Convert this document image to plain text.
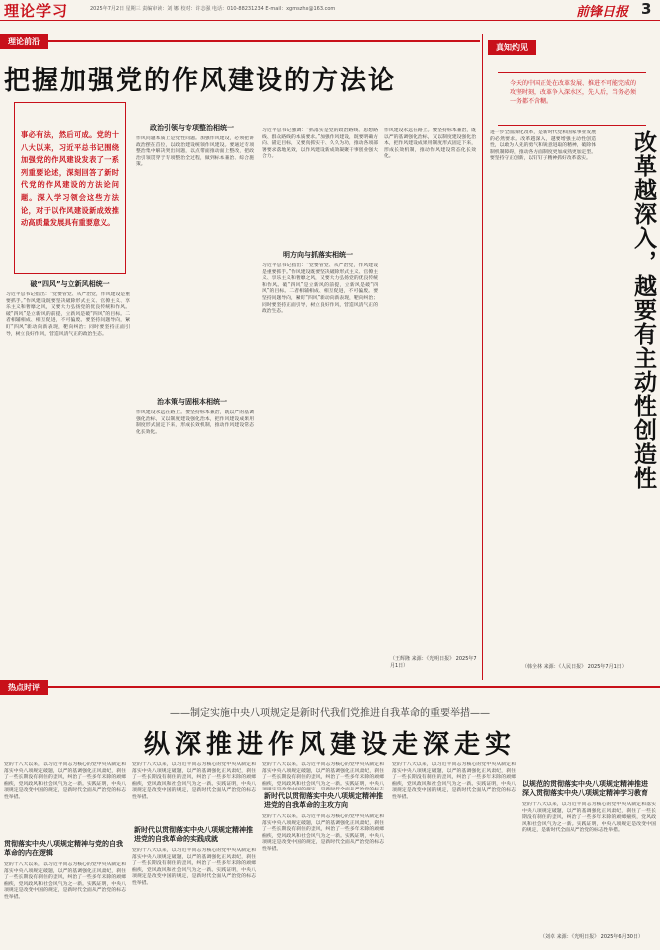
理论学习	2025年7月2日 星期三 责编审读：刘 娜 校对：许志强 电话：010-88231234 E-mail：xgmszhx@163.com	前锋日报 3
理论前沿
把握加强党的作风建设的方法论
事必有法，然后可成。党的十八大以来，习近平总书记围绕加强党的作风建设发表了一系列重要论述，深刻回答了新时代党的作风建设的方法论问题。深入学习领会这些方法论，对于以作风建设新成效推动高质量发展具有重要意义。
破“四风”与立新风相统一
习近平总书记指出：“党要管党、从严治党，作风建设是重要抓手。”作风建设既要坚决破除形式主义、官僚主义、享乐主义和奢靡之风，又要大力弘扬党的优良传统和作风。破“四风”是立新风的前提，立新风是破“四风”的目标。二者相辅相成、相互促进，不可偏废。要坚持问题导向，紧盯“四风”新动向新表现，靶向纠治；同时要坚持正面引导，树立良好作风，营造风清气正的政治生态。
政治引领与专项整治相统一
作风问题本质上是党性问题。加强作风建设，必须把讲政治摆在首位，以政治建设统领作风建设。要通过专项整治集中解决突出问题，以点带面推动面上整改，把政治引领贯穿于专项整治全过程，做到标本兼治、综合施策。
治本策与固根本相统一
作风建设永远在路上。要坚持标本兼治，既以严的基调强化治标，又以制度建设强化治本，把作风建设成果用制度形式固定下来，形成长效机制，推动作风建设常态化长效化。
明方向与抓落实相统一
习近平总书记强调：“抓落实是党的政治路线、思想路线、群众路线的本质要求。”加强作风建设，既要明确方向、锚定目标，又要真抓实干、久久为功，推动各项部署要求落地见效，以作风建设新成效凝聚干事创业强大合力。
习近平总书记指出：“党要管党、从严治党，作风建设是重要抓手。”作风建设既要坚决破除形式主义、官僚主义、享乐主义和奢靡之风，又要大力弘扬党的优良传统和作风。破“四风”是立新风的前提，立新风是破“四风”的目标。二者相辅相成、相互促进，不可偏废。要坚持问题导向，紧盯“四风”新动向新表现，靶向纠治；同时要坚持正面引导，树立良好作风，营造风清气正的政治生态。
作风建设永远在路上。要坚持标本兼治，既以严的基调强化治标，又以制度建设强化治本，把作风建设成果用制度形式固定下来，形成长效机制，推动作风建设常态化长效化。
（王辉隆 来源：《光明日报》 2025年7月1日）
真知灼见
今天的中国正处在改革发展、推进不可能完成的攻坚时刻，改革争入深水区，先人后，当务必须一务都不含糊。
改革越深入，越要有主动性创造性
进一步全面深化改革，是新时代党和国家事业发展的必然要求。改革越深入，越要增强主动性创造性，以敢为人先的勇气和锐意进取的精神，破除体制机制障碍，推动各方面制度更加成熟更加定型。要坚持守正创新，以钉钉子精神抓好改革落实。
（韩全林 来源：《人民日报》 2025年7月1日）
热点时评
——制定实施中央八项规定是新时代我们党推进自我革命的重要举措——
纵深推进作风建设走深走实
党的十八大以来，以习近平同志为核心的党中央从制定和落实中央八项规定破题，以严的基调强化正风肃纪，刹住了一些长期没有刹住的歪风，纠治了一些多年未除的顽瘴痼疾，党风政风和社会风气为之一新。实践证明，中央八项规定是改变中国的规定，是新时代全面从严治党的标志性举措。
贯彻落实中央八项规定精神与党的自我革命的内在逻辑
党的十八大以来，以习近平同志为核心的党中央从制定和落实中央八项规定破题，以严的基调强化正风肃纪，刹住了一些长期没有刹住的歪风，纠治了一些多年未除的顽瘴痼疾，党风政风和社会风气为之一新。实践证明，中央八项规定是改变中国的规定，是新时代全面从严治党的标志性举措。
党的十八大以来，以习近平同志为核心的党中央从制定和落实中央八项规定破题，以严的基调强化正风肃纪，刹住了一些长期没有刹住的歪风，纠治了一些多年未除的顽瘴痼疾，党风政风和社会风气为之一新。实践证明，中央八项规定是改变中国的规定，是新时代全面从严治党的标志性举措。
新时代以贯彻落实中央八项规定精神推进党的自我革命的实践成就
党的十八大以来，以习近平同志为核心的党中央从制定和落实中央八项规定破题，以严的基调强化正风肃纪，刹住了一些长期没有刹住的歪风，纠治了一些多年未除的顽瘴痼疾，党风政风和社会风气为之一新。实践证明，中央八项规定是改变中国的规定，是新时代全面从严治党的标志性举措。
党的十八大以来，以习近平同志为核心的党中央从制定和落实中央八项规定破题，以严的基调强化正风肃纪，刹住了一些长期没有刹住的歪风，纠治了一些多年未除的顽瘴痼疾，党风政风和社会风气为之一新。实践证明，中央八
新时代以贯彻落实中央八项规定精神推进党的自我革命的主攻方向
党的十八大以来，以习近平同志为核心的党中央从制定和落实中央八项规定破题，以严的基调强化正风肃纪，刹住了一些长期没有刹住的歪风，纠治了一些多年未除的顽瘴痼疾，党风政风和社会风气为之一新。实践证明，中央八项规定是改变中国的规定，是新时代全面从严治党的标志性举措。
党的十八大以来，以习近平同志为核心的党中央从制定和落实中央八项规定破题，以严的基调强化正风肃纪，刹住了一些长期没有刹住的歪风，纠治了一些多年未除的顽瘴痼疾，党风政风和社会风气为之一新。实践证明，中央八项规定是改变中国的规定，是新时代全面从严治党的标志性举措。
以规范的贯彻落实中央八项规定精神推进深入贯彻落实中央八项规定精神学习教育
党的十八大以来，以习近平同志为核心的党中央从制定和落实中央八项规定破题，以严的基调强化正风肃纪，刹住了一些长期没有刹住的歪风，纠治了一些多年未除的顽瘴痼疾，党风政风和社会风气为之一新。实践证明，中央八项规定是改变中国的规定，是新时代全面从严治党的标志性举措。
（刘卓 来源：《光明日报》 2025年6月30日）
